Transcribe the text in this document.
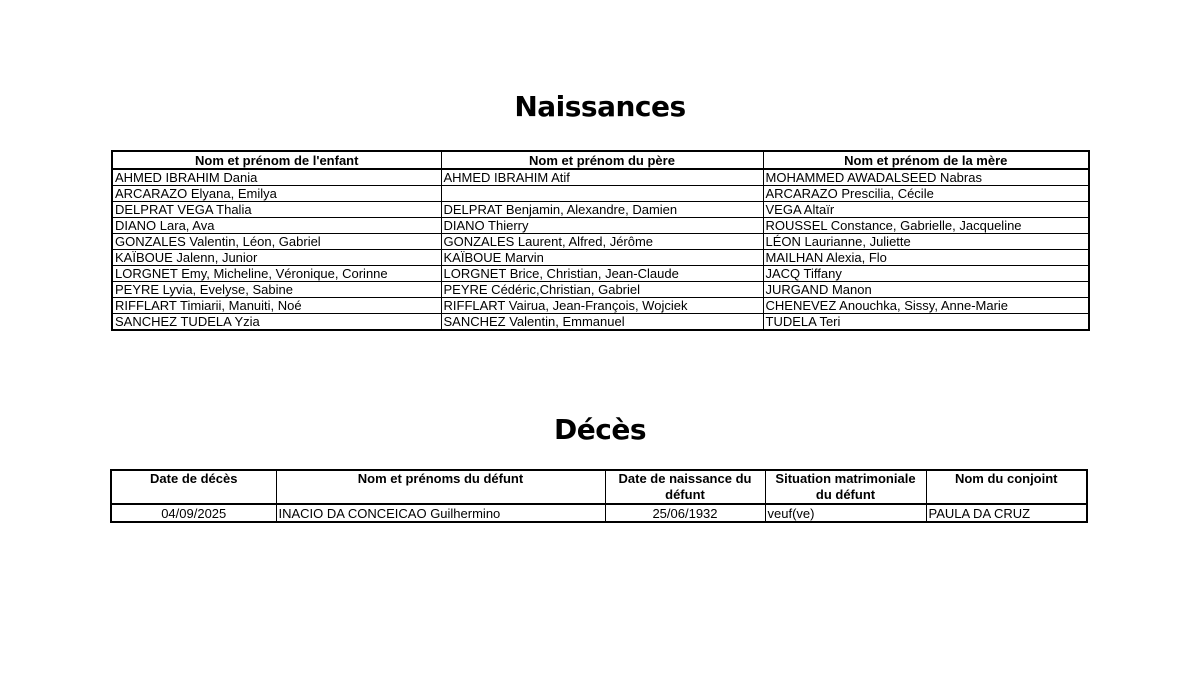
Naissances
Nom et prénom de l'enfant	Nom et prénom du père	Nom et prénom de la mère
AHMED IBRAHIM Dania	AHMED IBRAHIM Atif	MOHAMMED AWADALSEED Nabras
ARCARAZO Elyana, Emilya		ARCARAZO Prescilia, Cécile
DELPRAT VEGA Thalia	DELPRAT Benjamin, Alexandre, Damien	VEGA Altaïr
DIANO Lara, Ava	DIANO Thierry	ROUSSEL Constance, Gabrielle, Jacqueline
GONZALES Valentin, Léon, Gabriel	GONZALES Laurent, Alfred, Jérôme	LÉON Laurianne, Juliette
KAÏBOUE Jalenn, Junior	KAÏBOUE Marvin	MAILHAN Alexia, Flo
LORGNET Emy, Micheline, Véronique, Corinne	LORGNET Brice, Christian, Jean-Claude	JACQ Tiffany
PEYRE Lyvia, Evelyse, Sabine	PEYRE Cédéric,Christian, Gabriel	JURGAND Manon
RIFFLART Timiarii, Manuiti, Noé	RIFFLART Vairua, Jean-François, Wojciek	CHENEVEZ Anouchka, Sissy, Anne-Marie
SANCHEZ TUDELA Yzia	SANCHEZ Valentin, Emmanuel	TUDELA Teri
Décès
Date de décès	Nom et prénoms du défunt	Date de naissance du défunt	Situation matrimoniale du défunt	Nom du conjoint
04/09/2025	INACIO DA CONCEICAO Guilhermino	25/06/1932	veuf(ve)	PAULA DA CRUZ
